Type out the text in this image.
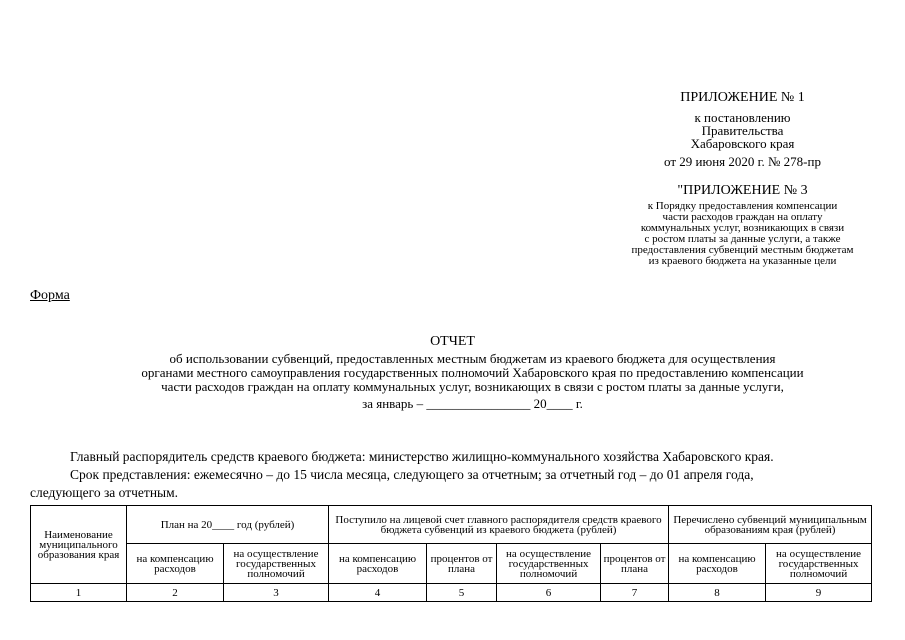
ПРИЛОЖЕНИЕ № 1
к постановлению
Правительства
Хабаровского края
от 29 июня 2020 г. № 278-пр
"ПРИЛОЖЕНИЕ № 3
к Порядку предоставления компенсации
части расходов граждан на оплату
коммунальных услуг, возникающих в связи
с ростом платы за данные услуги, а также
предоставления субвенций местным бюджетам
из краевого бюджета на указанные цели
Форма
ОТЧЕТ
об использовании субвенций, предоставленных местным бюджетам из краевого бюджета для осуществления
органами местного самоуправления государственных полномочий Хабаровского края по предоставлению компенсации
части расходов граждан на оплату коммунальных услуг, возникающих в связи с ростом платы за данные услуги,
за январь – ________________ 20____ г.
Главный распорядитель средств краевого бюджета: министерство жилищно-коммунального хозяйства Хабаровского края.
Срок представления: ежемесячно – до 15 числа месяца, следующего за отчетным; за отчетный год – до 01 апреля года,
следующего за отчетным.
Наименование муниципального образования края	План на 20____ год (рублей)		Поступило на лицевой счет главного распорядителя средств краевого бюджета субвенций из краевого бюджета (рублей)				Перечислено субвенций муниципальным образованиям края (рублей)	
	на компенсацию расходов	на осуществление государственных полномочий	на компенсацию расходов	процентов от плана	на осуществление государственных полномочий	процентов от плана	на компенсацию расходов	на осуществление государственных полномочий
1	2	3	4	5	6	7	8	9
